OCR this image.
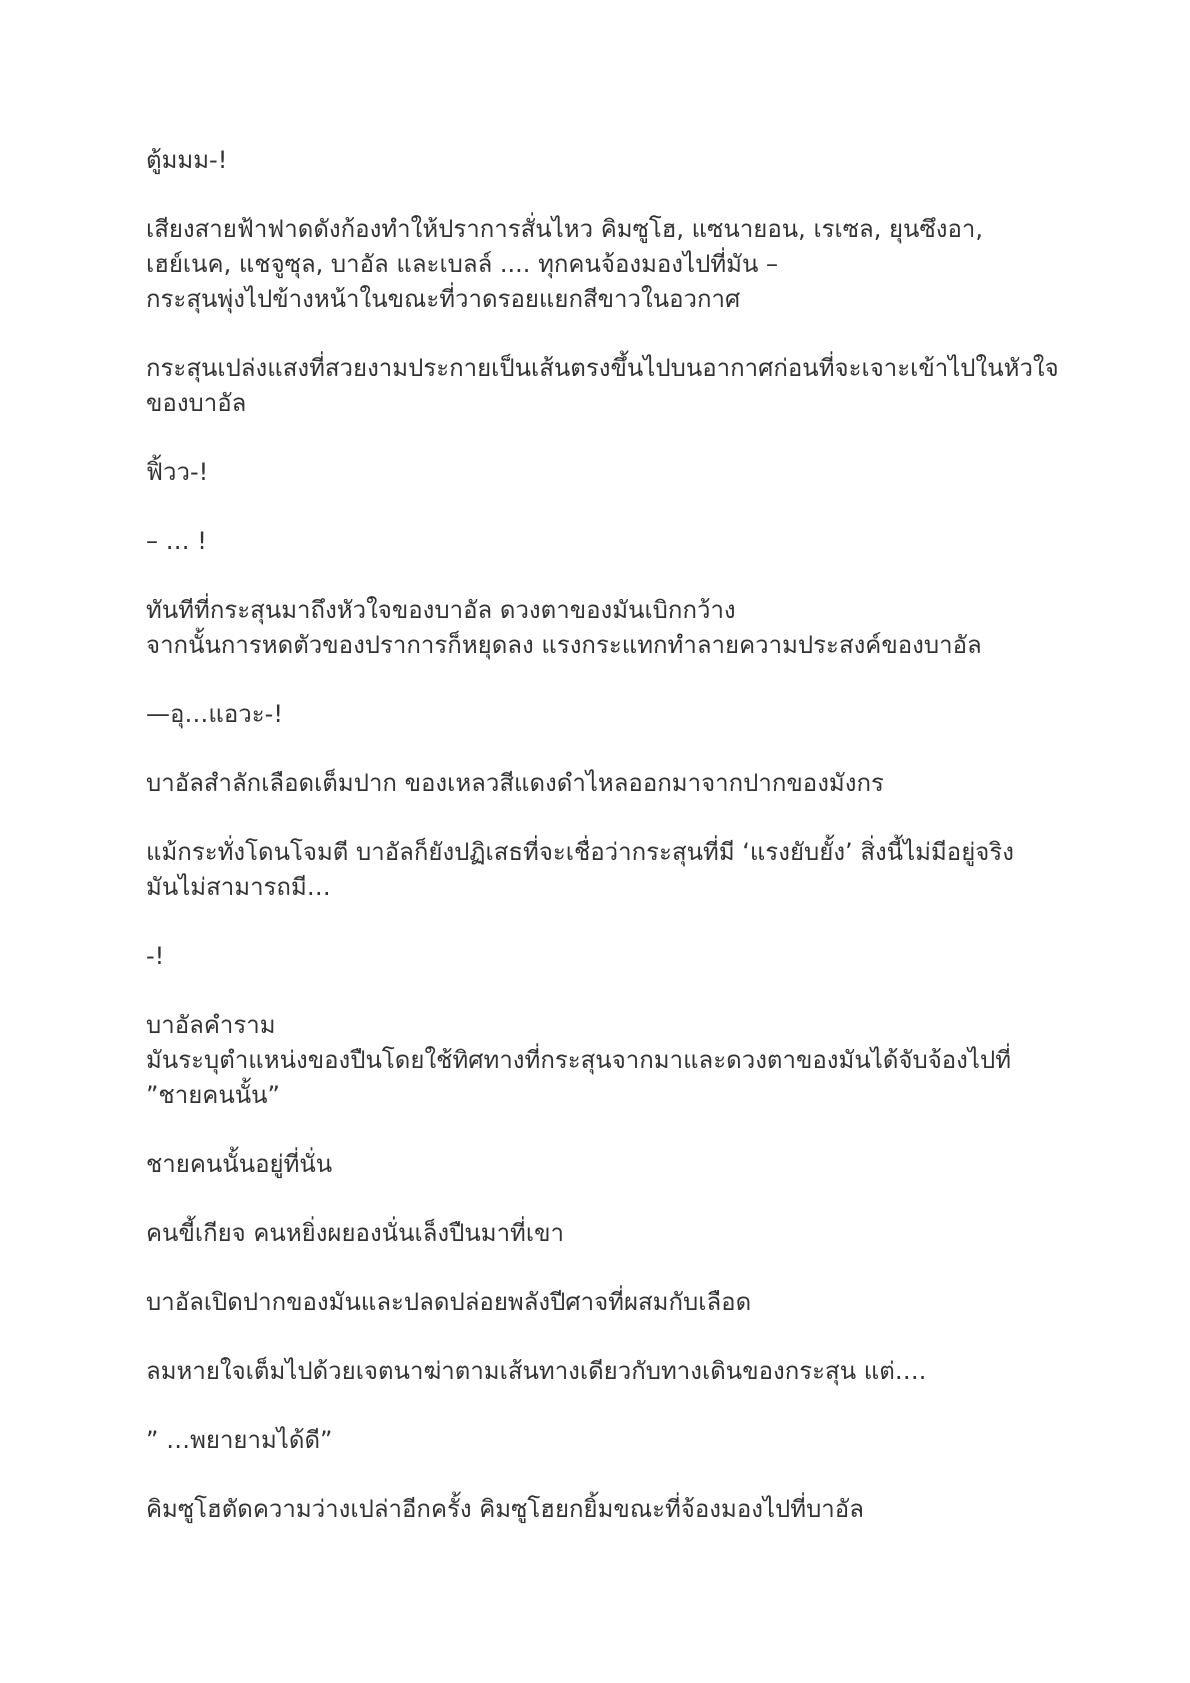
ตู้มมม-!

เสียงสายฟ้าฟาดดังก้องทำให้ปราการสั่นไหว คิมซูโฮ, แซนายอน, เรเซล, ยุนซึงอา,
เฮย์เนค, แชจูซุล, บาอัล และเบลล์ .... ทุกคนจ้องมองไปที่มัน –
กระสุนพุ่งไปข้างหน้าในขณะที่วาดรอยแยกสีขาวในอวกาศ

กระสุนเปล่งแสงที่สวยงามประกายเป็นเส้นตรงขึ้นไปบนอากาศก่อนที่จะเจาะเข้าไปในหัวใจ
ของบาอัล

ฟิ้วว-!

– … !

ทันทีที่กระสุนมาถึงหัวใจของบาอัล ดวงตาของมันเบิกกว้าง
จากนั้นการหดตัวของปราการก็หยุดลง แรงกระแทกทำลายความประสงค์ของบาอัล

—อุ…แอวะ-!

บาอัลสำลักเลือดเต็มปาก ของเหลวสีแดงดำไหลออกมาจากปากของมังกร

แม้กระทั่งโดนโจมตี บาอัลก็ยังปฏิเสธที่จะเชื่อว่ากระสุนที่มี ‘แรงยับยั้ง’ สิ่งนี้ไม่มีอยู่จริง
มันไม่สามารถมี…

-!

บาอัลคำราม
มันระบุตำแหน่งของปืนโดยใช้ทิศทางที่กระสุนจากมาและดวงตาของมันได้จับจ้องไปที่
”ชายคนนั้น”

ชายคนนั้นอยู่ที่นั่น

คนขี้เกียจ คนหยิ่งผยองนั่นเล็งปืนมาที่เขา

บาอัลเปิดปากของมันและปลดปล่อยพลังปีศาจที่ผสมกับเลือด

ลมหายใจเต็มไปด้วยเจตนาฆ่าตามเส้นทางเดียวกับทางเดินของกระสุน แต่….

” …พยายามได้ดี”

คิมซูโฮตัดความว่างเปล่าอีกครั้ง คิมซูโฮยกยิ้มขณะที่จ้องมองไปที่บาอัล
